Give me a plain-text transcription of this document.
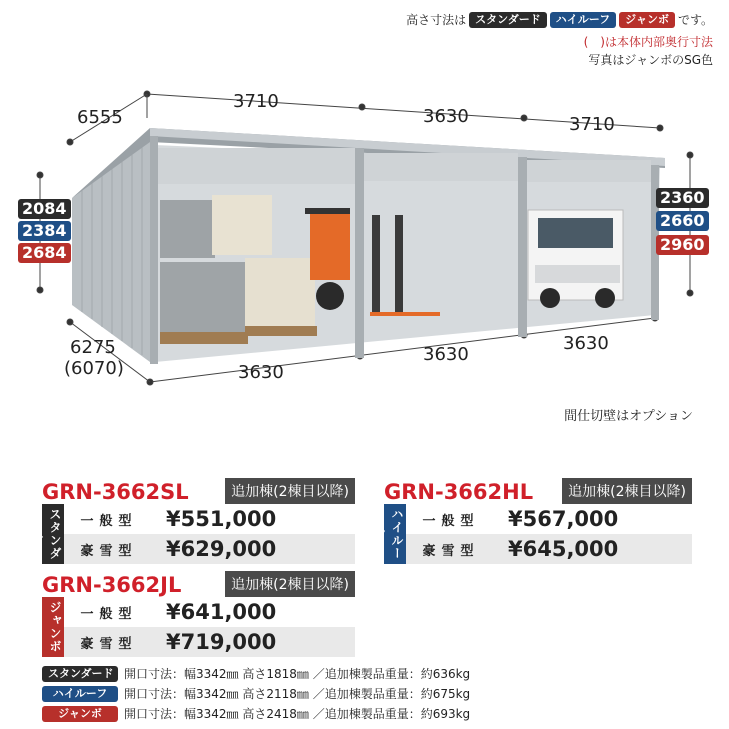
高さ寸法は スタンダード	ハイルーフ	ジャンボ です。
(　)は本体内部奥行寸法
写真はジャンボのSG色
6555
3710
3630	3710
2084
2384
2684
2360
2660
2960
6275
(6070)	3630
3630
3630
間仕切壁はオプション
GRN-3662SL	追加棟(2棟目以降)
スタンダード	一般型	¥551,000
豪雪型	¥629,000
GRN-3662HL	追加棟(2棟目以降)
ハイルーフ
一般型	¥567,000
豪雪型	¥645,000
GRN-3662JL	追加棟(2棟目以降)
ジャンボ	一般型	¥641,000
豪雪型	¥719,000
スタンダード 開口寸法：幅3342㎜ 高さ1818㎜ ／追加棟製品重量：約636kg
ハイルーフ	開口寸法：幅3342㎜ 高さ2118㎜ ／追加棟製品重量：約675kg
ジャンボ	開口寸法：幅3342㎜ 高さ2418㎜ ／追加棟製品重量：約693kg
